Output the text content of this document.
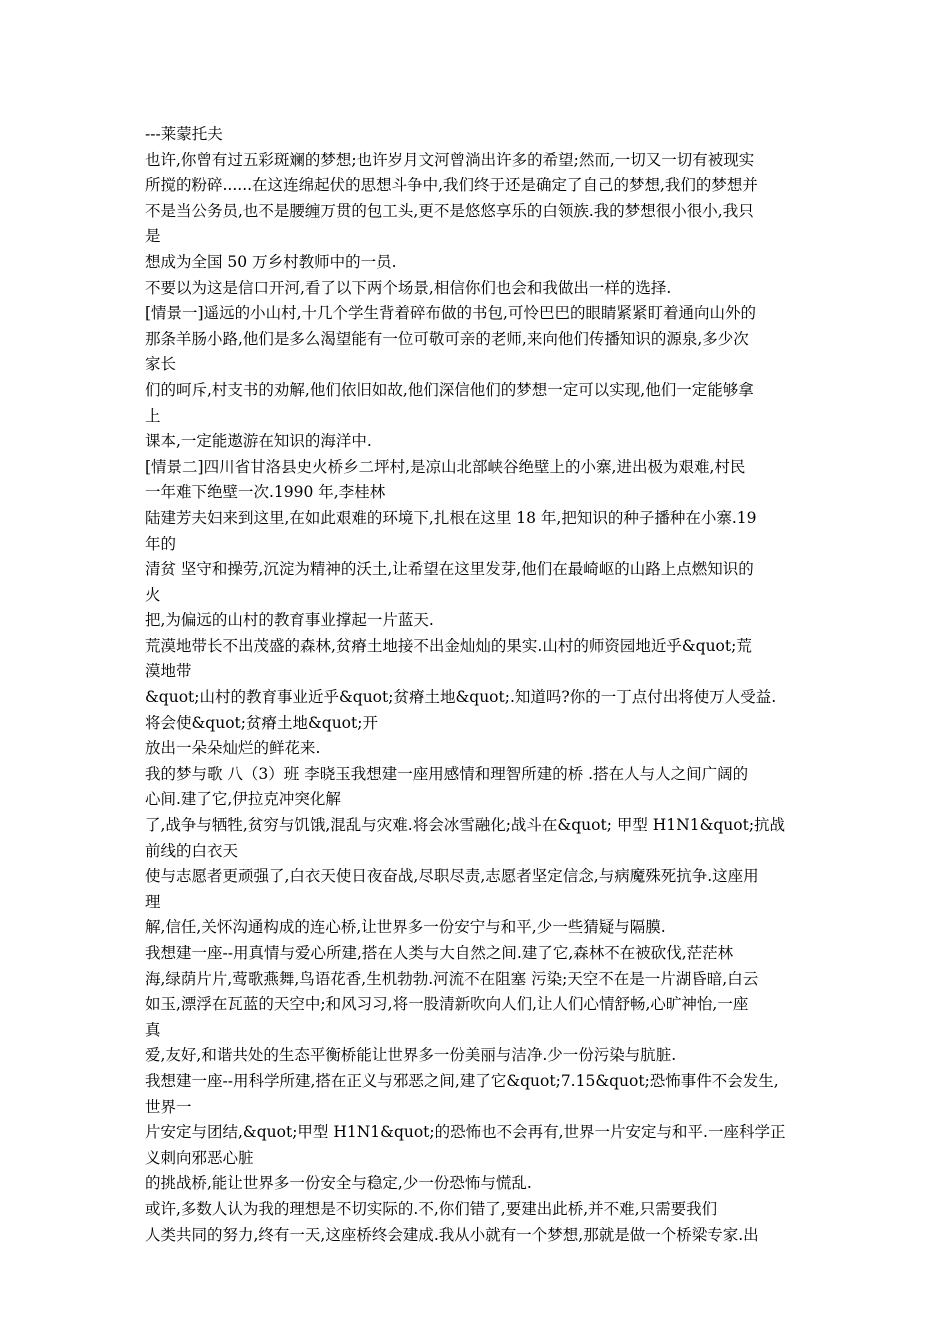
---莱蒙托夫
也许,你曾有过五彩斑斓的梦想;也许岁月文河曾淌出许多的希望;然而,一切又一切有被现实
所搅的粉碎......在这连绵起伏的思想斗争中,我们终于还是确定了自己的梦想,我们的梦想并
不是当公务员,也不是腰缠万贯的包工头,更不是悠悠享乐的白领族.我的梦想很小很小,我只
是
想成为全国 50 万乡村教师中的一员.
不要以为这是信口开河,看了以下两个场景,相信你们也会和我做出一样的选择.
[情景一]遥远的小山村,十几个学生背着碎布做的书包,可怜巴巴的眼睛紧紧盯着通向山外的
那条羊肠小路,他们是多么渴望能有一位可敬可亲的老师,来向他们传播知识的源泉,多少次
家长
们的呵斥,村支书的劝解,他们依旧如故,他们深信他们的梦想一定可以实现,他们一定能够拿
上
课本,一定能遨游在知识的海洋中.
[情景二]四川省甘洛县史火桥乡二坪村,是凉山北部峡谷绝壁上的小寨,进出极为艰难,村民
一年难下绝壁一次.1990 年,李桂林
陆建芳夫妇来到这里,在如此艰难的环境下,扎根在这里 18 年,把知识的种子播种在小寨.19
年的
清贫 坚守和操劳,沉淀为精神的沃土,让希望在这里发芽,他们在最崎岖的山路上点燃知识的
火
把,为偏远的山村的教育事业撑起一片蓝天.
荒漠地带长不出茂盛的森林,贫瘠土地接不出金灿灿的果实.山村的师资园地近乎&quot;荒
漠地带
&quot;山村的教育事业近乎&quot;贫瘠土地&quot;.知道吗?你的一丁点付出将使万人受益.
将会使&quot;贫瘠土地&quot;开
放出一朵朵灿烂的鲜花来.
我的梦与歌 八（3）班 李晓玉我想建一座用感情和理智所建的桥 .搭在人与人之间广阔的
心间.建了它,伊拉克冲突化解
了,战争与牺牲,贫穷与饥饿,混乱与灾难.将会冰雪融化;战斗在&quot; 甲型 H1N1&quot;抗战
前线的白衣天
使与志愿者更顽强了,白衣天使日夜奋战,尽职尽责,志愿者坚定信念,与病魔殊死抗争.这座用
理
解,信任,关怀沟通构成的连心桥,让世界多一份安宁与和平,少一些猜疑与隔膜.
我想建一座--用真情与爱心所建,搭在人类与大自然之间.建了它,森林不在被砍伐,茫茫林
海,绿荫片片,莺歌燕舞,鸟语花香,生机勃勃.河流不在阻塞 污染;天空不在是一片湖昏暗,白云
如玉,漂浮在瓦蓝的天空中;和风习习,将一股清新吹向人们,让人们心情舒畅,心旷神怡,一座
真
爱,友好,和谐共处的生态平衡桥能让世界多一份美丽与洁净.少一份污染与肮脏.
我想建一座--用科学所建,搭在正义与邪恶之间,建了它&quot;7.15&quot;恐怖事件不会发生,
世界一
片安定与团结,&quot;甲型 H1N1&quot;的恐怖也不会再有,世界一片安定与和平.一座科学正
义刺向邪恶心脏
的挑战桥,能让世界多一份安全与稳定,少一份恐怖与慌乱.
或许,多数人认为我的理想是不切实际的.不,你们错了,要建出此桥,并不难,只需要我们
人类共同的努力,终有一天,这座桥终会建成.我从小就有一个梦想,那就是做一个桥梁专家.出
